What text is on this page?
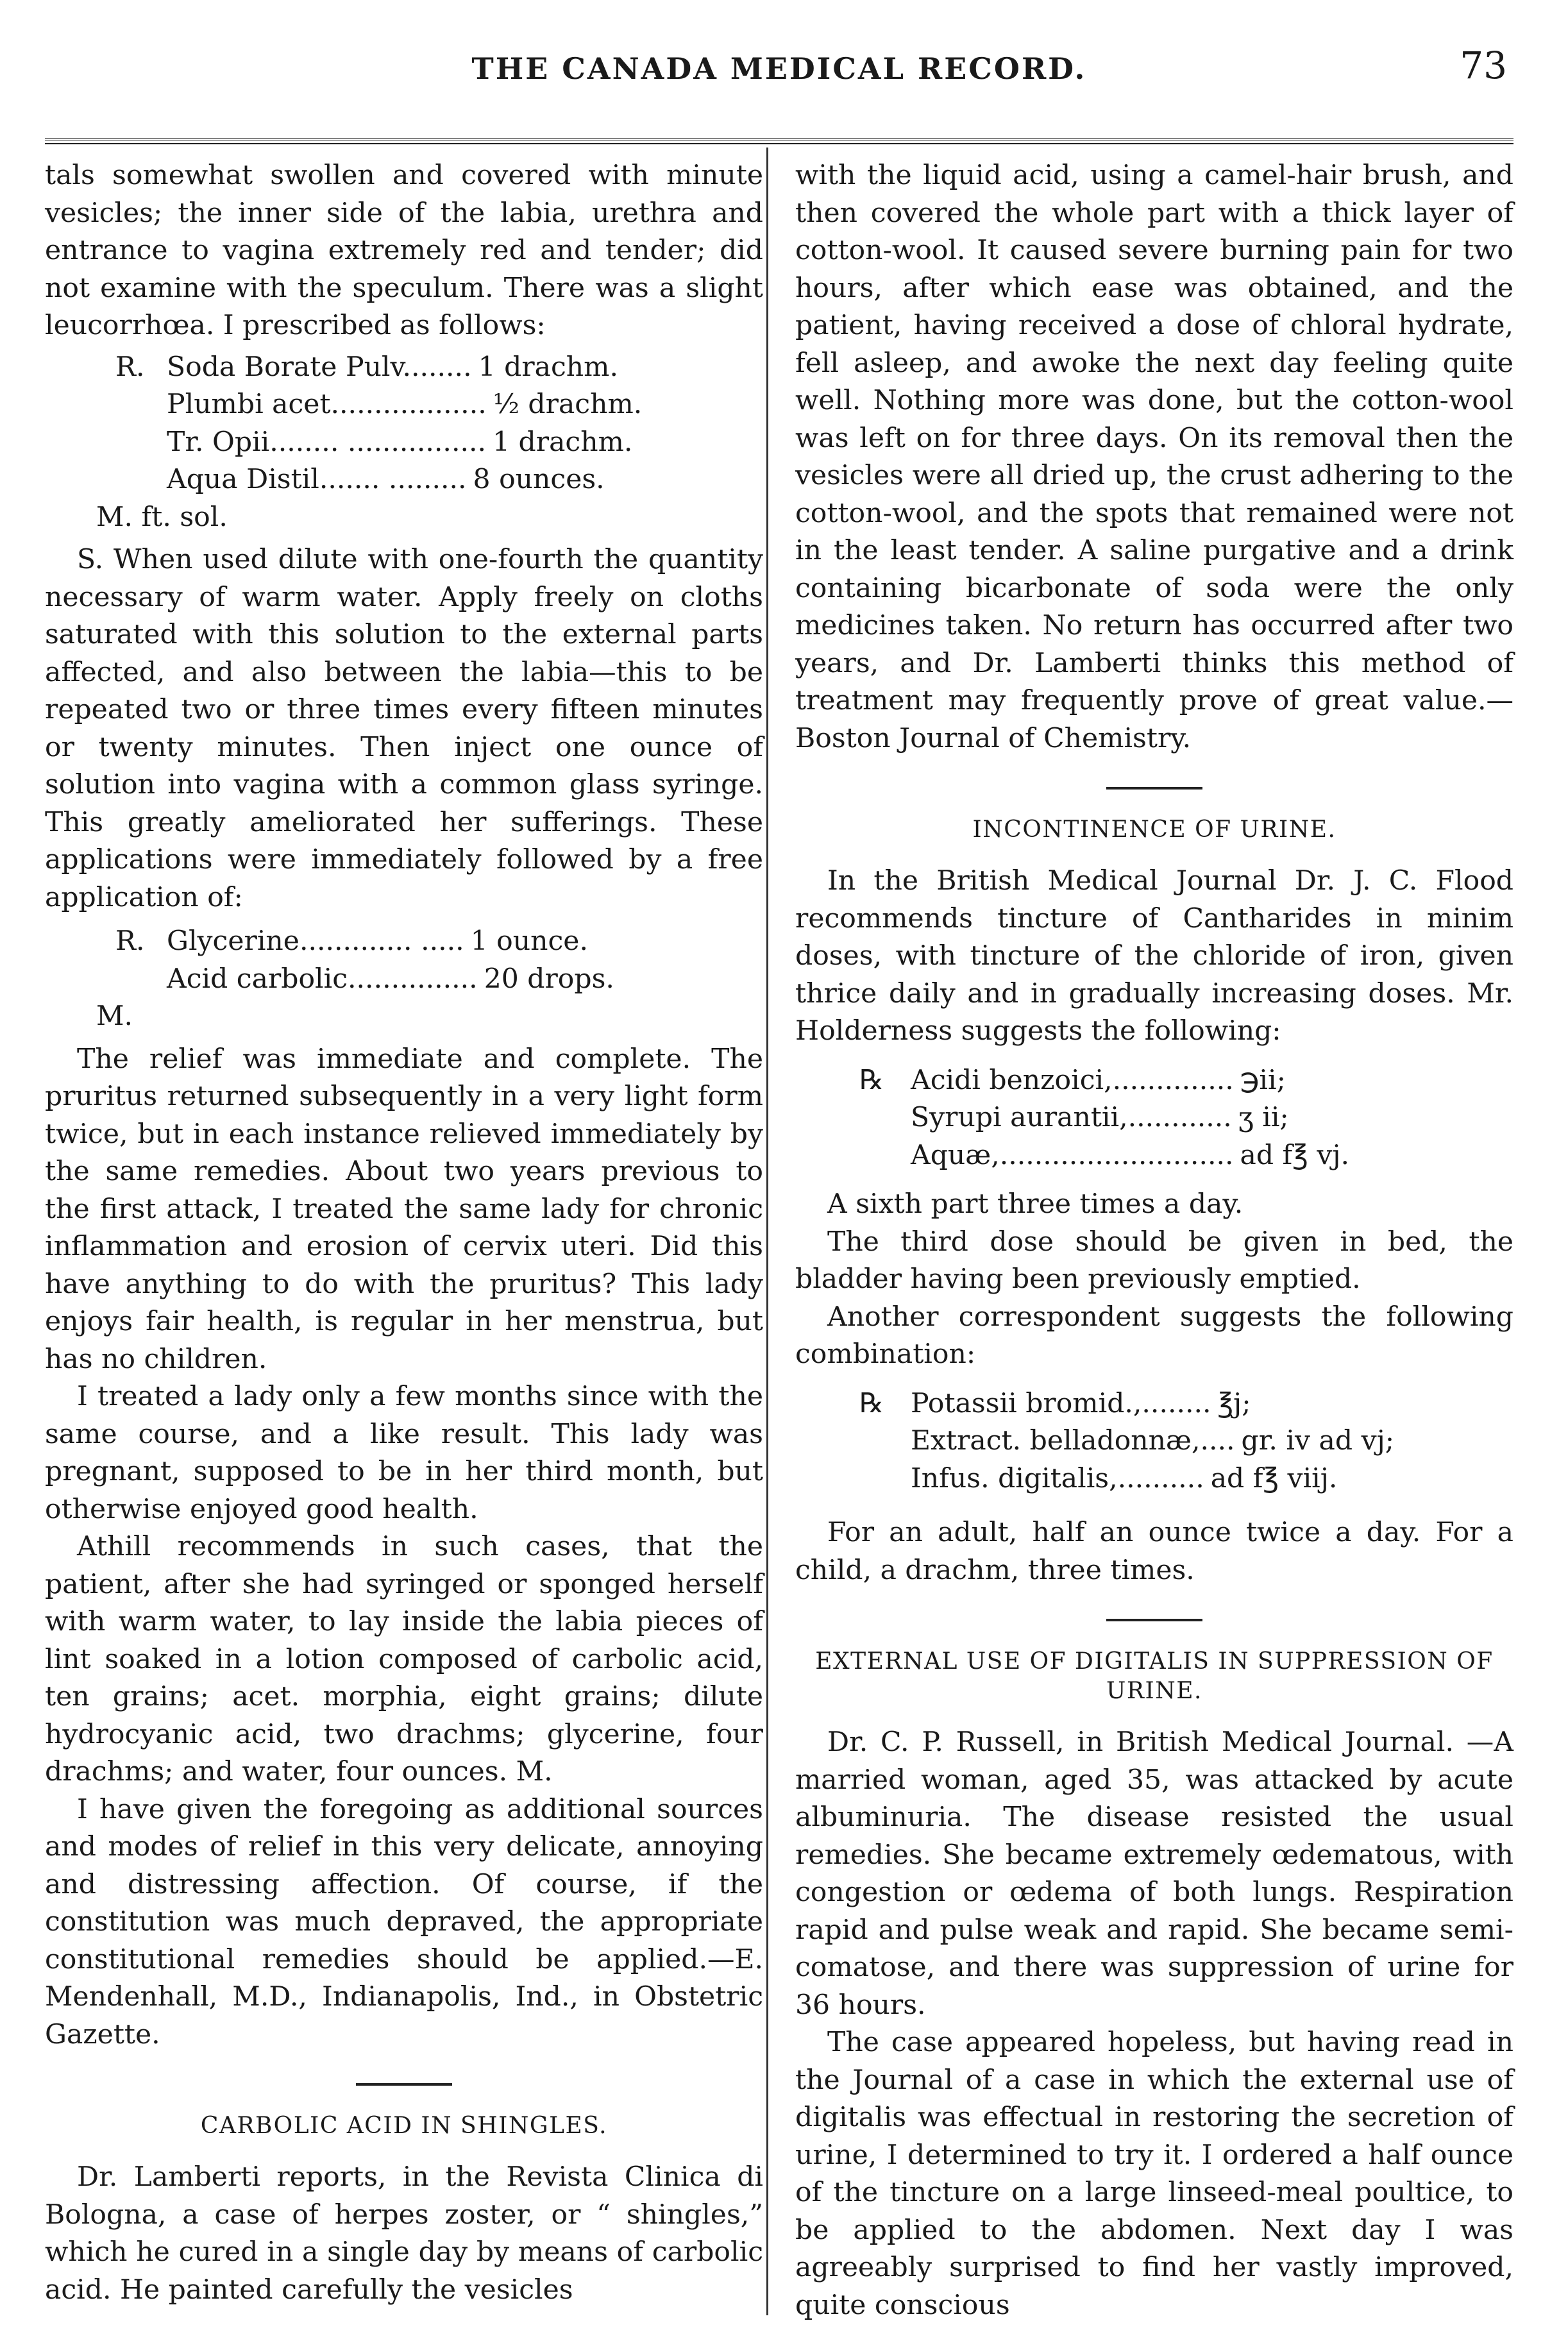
THE CANADA MEDICAL RECORD.	73

tals somewhat swollen and covered with minute vesicles; the inner side of the labia, urethra and entrance to vagina extremely red and tender; did not examine with the speculum. There was a slight leucorrhœa. I prescribed as follows:

R. Soda Borate Pulv........ 1 drachm.
Plumbi acet.................. ½ drachm.
Tr. Opii........ ................ 1 drachm.
Aqua Distil....... ......... 8 ounces.
M. ft. sol.

S. When used dilute with one-fourth the quantity necessary of warm water. Apply freely on cloths saturated with this solution to the external parts affected, and also between the labia—this to be repeated two or three times every fifteen minutes or twenty minutes. Then inject one ounce of solution into vagina with a common glass syringe. This greatly ameliorated her sufferings. These applications were immediately followed by a free application of:

R. Glycerine............. ..... 1 ounce.
Acid carbolic............... 20 drops.
M.

The relief was immediate and complete. The pruritus returned subsequently in a very light form twice, but in each instance relieved immediately by the same remedies. About two years previous to the first attack, I treated the same lady for chronic inflammation and erosion of cervix uteri. Did this have anything to do with the pruritus? This lady enjoys fair health, is regular in her menstrua, but has no children.

I treated a lady only a few months since with the same course, and a like result. This lady was pregnant, supposed to be in her third month, but otherwise enjoyed good health.

Athill recommends in such cases, that the patient, after she had syringed or sponged herself with warm water, to lay inside the labia pieces of lint soaked in a lotion composed of carbolic acid, ten grains; acet. morphia, eight grains; dilute hydrocyanic acid, two drachms; glycerine, four drachms; and water, four ounces. M.

I have given the foregoing as additional sources and modes of relief in this very delicate, annoying and distressing affection. Of course, if the constitution was much depraved, the appropriate constitutional remedies should be applied.—E. Mendenhall, M.D., Indianapolis, Ind., in Obstetric Gazette.

CARBOLIC ACID IN SHINGLES.

Dr. Lamberti reports, in the Revista Clinica di Bologna, a case of herpes zoster, or “ shingles,” which he cured in a single day by means of carbolic acid. He painted carefully the vesicles

with the liquid acid, using a camel-hair brush, and then covered the whole part with a thick layer of cotton-wool. It caused severe burning pain for two hours, after which ease was obtained, and the patient, having received a dose of chloral hydrate, fell asleep, and awoke the next day feeling quite well. Nothing more was done, but the cotton-wool was left on for three days. On its removal then the vesicles were all dried up, the crust adhering to the cotton-wool, and the spots that remained were not in the least tender. A saline purgative and a drink containing bicarbonate of soda were the only medicines taken. No return has occurred after two years, and Dr. Lamberti thinks this method of treatment may frequently prove of great value.—Boston Journal of Chemistry.

INCONTINENCE OF URINE.

In the British Medical Journal Dr. J. C. Flood recommends tincture of Cantharides in minim doses, with tincture of the chloride of iron, given thrice daily and in gradually increasing doses. Mr. Holderness suggests the following:

℞ Acidi benzoici,.............. ℈ii;
Syrupi aurantii,............ ʒ ii;
Aquæ,........................... ad f℥ vj.

A sixth part three times a day.

The third dose should be given in bed, the bladder having been previously emptied.

Another correspondent suggests the following combination:

℞ Potassii bromid.,........ ℥j;
Extract. belladonnæ,.... gr. iv ad vj;
Infus. digitalis,.......... ad f℥ viij.

For an adult, half an ounce twice a day. For a child, a drachm, three times.

EXTERNAL USE OF DIGITALIS IN SUPPRESSION OF URINE.

Dr. C. P. Russell, in British Medical Journal. —A married woman, aged 35, was attacked by acute albuminuria. The disease resisted the usual remedies. She became extremely œdematous, with congestion or œdema of both lungs. Respiration rapid and pulse weak and rapid. She became semi-comatose, and there was suppression of urine for 36 hours.

The case appeared hopeless, but having read in the Journal of a case in which the external use of digitalis was effectual in restoring the secretion of urine, I determined to try it. I ordered a half ounce of the tincture on a large linseed-meal poultice, to be applied to the abdomen. Next day I was agreeably surprised to find her vastly improved, quite conscious
